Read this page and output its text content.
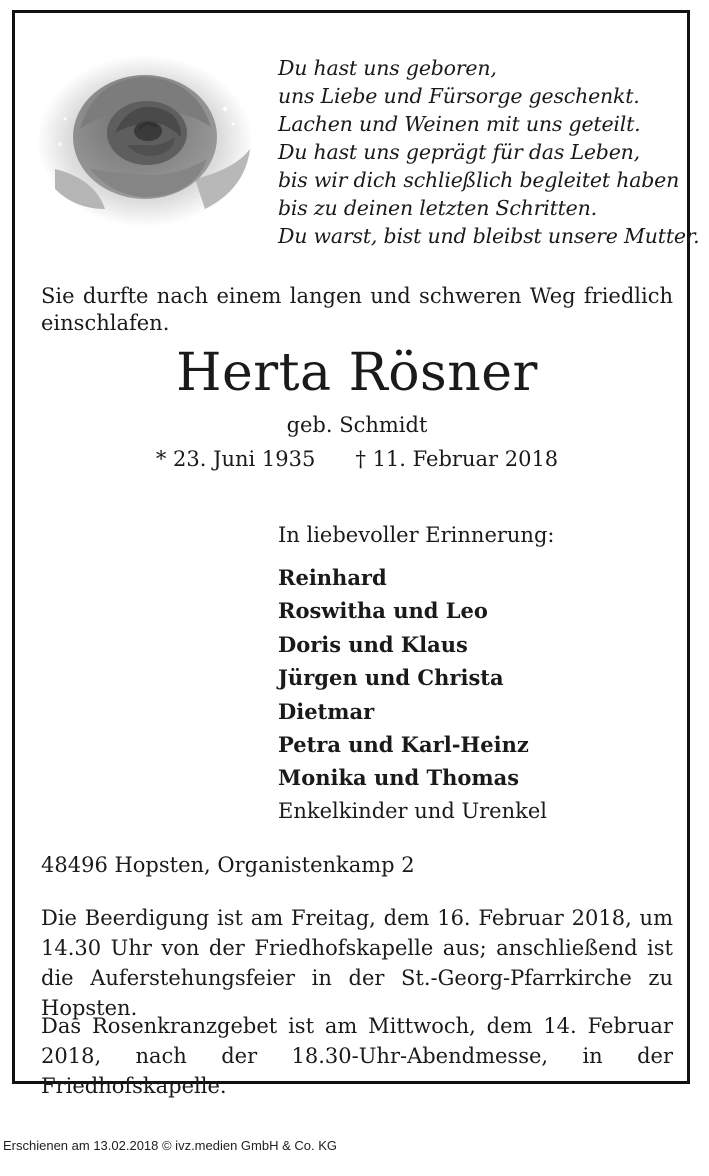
Du hast uns geboren,
uns Liebe und Fürsorge geschenkt.
Lachen und Weinen mit uns geteilt.
Du hast uns geprägt für das Leben,
bis wir dich schließlich begleitet haben
bis zu deinen letzten Schritten.
Du warst, bist und bleibst unsere Mutter.
Sie durfte nach einem langen und schweren Weg friedlich einschlafen.
Herta Rösner
geb. Schmidt
* 23. Juni 1935 † 11. Februar 2018
In liebevoller Erinnerung:
Reinhard
Roswitha und Leo
Doris und Klaus
Jürgen und Christa
Dietmar
Petra und Karl-Heinz
Monika und Thomas
Enkelkinder und Urenkel
48496 Hopsten, Organistenkamp 2
Die Beerdigung ist am Freitag, dem 16. Februar 2018, um 14.30 Uhr von der Friedhofskapelle aus; anschließend ist die Auferstehungsfeier in der St.-Georg-Pfarrkirche zu Hopsten.
Das Rosenkranzgebet ist am Mittwoch, dem 14. Februar 2018, nach der 18.30-Uhr-Abendmesse, in der Friedhofskapelle.
Erschienen am 13.02.2018 © ivz.medien GmbH & Co. KG
